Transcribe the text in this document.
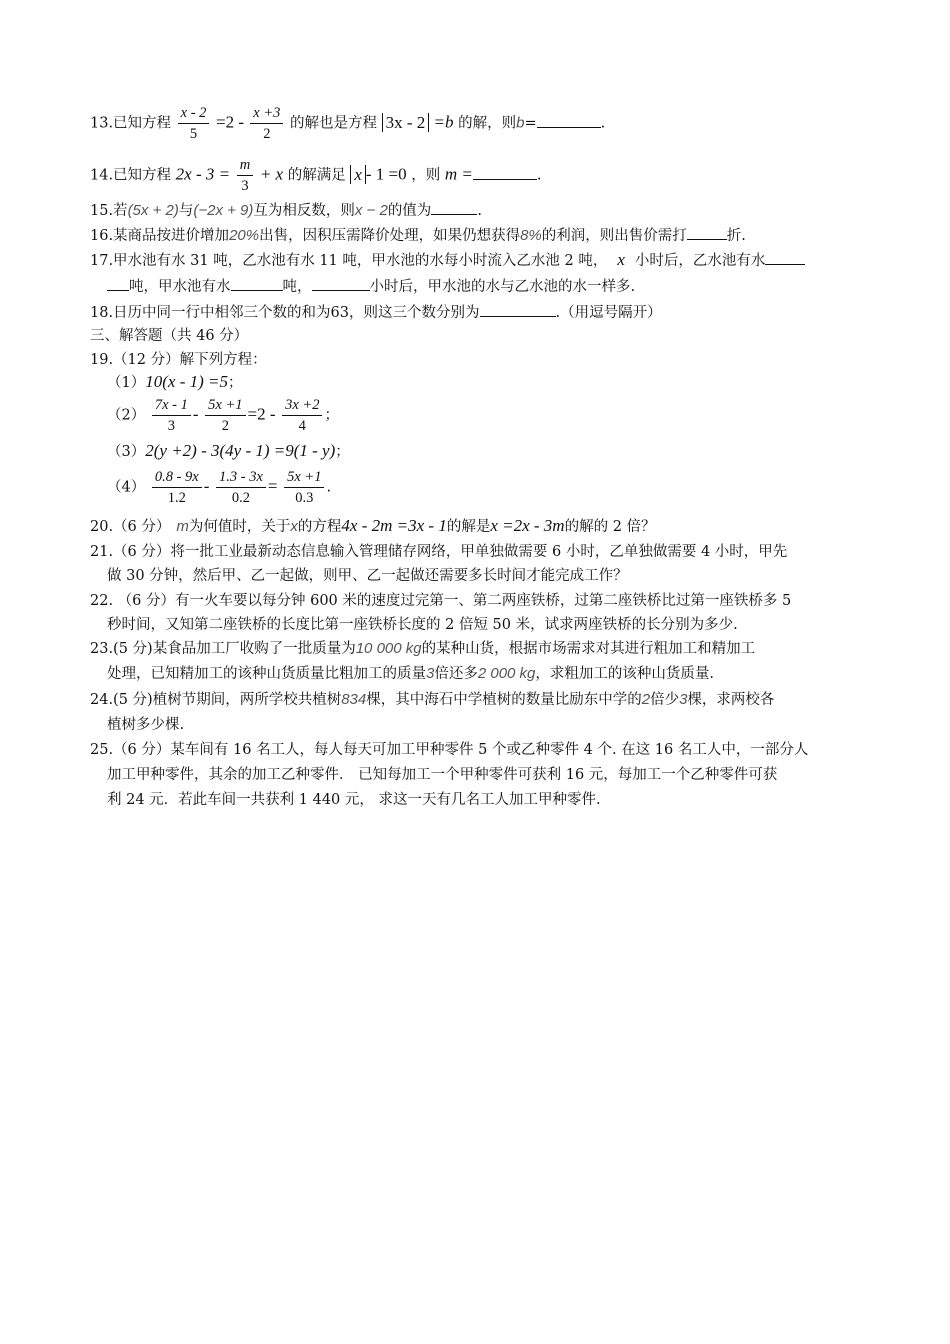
13.已知方程 $\frac{x - 2}{5} =2 - \frac{x +3}{2}$ 的解也是方程 3x - 2 =b 的解，则b=	.
14.已知方程 $2x - 3 = \frac{m}{3} + x$ 的解满足 x - 1 =0 ，则 m =	.
15.若(5x + 2)与(−2x + 9)互为相反数，则x − 2的值为	.
16.某商品按进价增加20%出售，因积压需降价处理，如果仍想获得8%的利润，则出售价需打	折.
17.甲水池有水 31 吨，乙水池有水 11 吨，甲水池的水每小时流入乙水池 2 吨， x 小时后，乙水池有水
吨，甲水池有水	吨，	小时后，甲水池的水与乙水池的水一样多.
18.日历中同一行中相邻三个数的和为63，则这三个数分别为	.（用逗号隔开）
三、解答题（共 46 分）
19.（12 分）解下列方程：
（1）10(x - 1) =5；
$(2) \frac{7x - 1}{3} - \frac{5x +1}{2} =2 - \frac{3x +2}{4}$ ；
（3）2(y +2) - 3(4y - 1) =9(1 - y)；
$(4) \frac{0.8 - 9x}{1.2} - \frac{1.3 - 3x}{0.2} = \frac{5x +1}{0.3}$ .
20.（6 分） m为何值时，关于x的方程4x - 2m =3x - 1的解是x =2x - 3m的解的 2 倍？
21.（6 分）将一批工业最新动态信息输入管理储存网络，甲单独做需要 6 小时，乙单独做需要 4 小时，甲先
做 30 分钟，然后甲、乙一起做，则甲、乙一起做还需要多长时间才能完成工作？
22. （6 分）有一火车要以每分钟 600 米的速度过完第一、第二两座铁桥，过第二座铁桥比过第一座铁桥多 5
秒时间，又知第二座铁桥的长度比第一座铁桥长度的 2 倍短 50 米，试求两座铁桥的长分别为多少.
23.(5 分)某食品加工厂收购了一批质量为10 000 kg的某种山货，根据市场需求对其进行粗加工和精加工
处理，已知精加工的该种山货质量比粗加工的质量3倍还多2 000 kg，求粗加工的该种山货质量.
24.(5 分)植树节期间，两所学校共植树834棵，其中海石中学植树的数量比励东中学的2倍少3棵，求两校各
植树多少棵.
25.（6 分）某车间有 16 名工人，每人每天可加工甲种零件 5 个或乙种零件 4 个. 在这 16 名工人中，一部分人
加工甲种零件，其余的加工乙种零件． 已知每加工一个甲种零件可获利 16 元，每加工一个乙种零件可获
利 24 元．若此车间一共获利 1 440 元， 求这一天有几名工人加工甲种零件.
